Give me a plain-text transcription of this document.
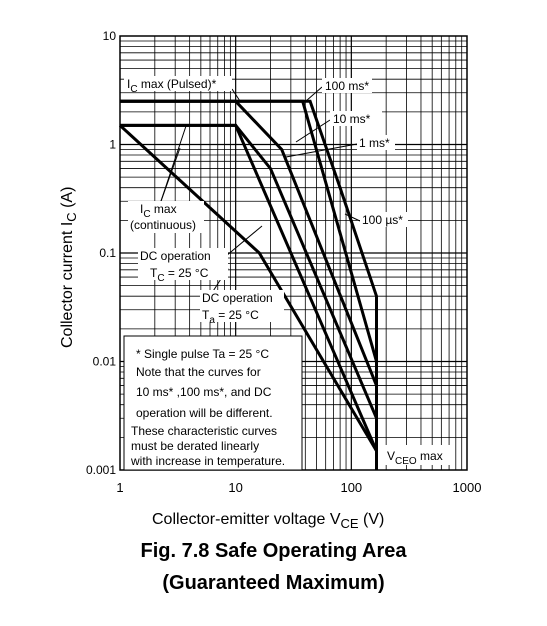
* Single pulse Ta = 25 °C
Note that the curves for
10 ms* ,100 ms*, and DC
operation will be different.
These characteristic curves
must be derated linearly
with increase in temperature.
$I_C$ max (Pulsed)*	100 ms*
10 ms*
1 ms*
100 µs*
$I_C$ max
(continuous)
DC operation
$T_C = 25$ °C
DC operation
$T_a = 25$ °C
$V_{CEO}$ max
1	10	100	1000
10
1
0.1
0.01
0.001
Collector-emitter voltage $V_{CE}$ (V)
Collector current $I_C$ (A)
Fig. 7.8 Safe Operating Area
(Guaranteed Maximum)
